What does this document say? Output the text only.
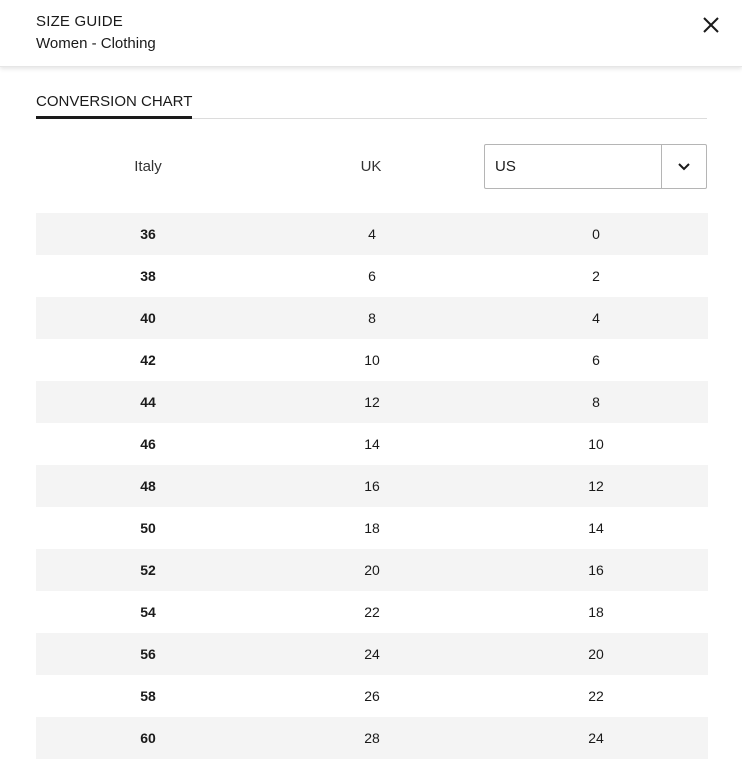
SIZE GUIDE
Women - Clothing
CONVERSION CHART
Italy	UK	US
36	4	0
38	6	2
40	8	4
42	10	6
44	12	8
46	14	10
48	16	12
50	18	14
52	20	16
54	22	18
56	24	20
58	26	22
60	28	24
